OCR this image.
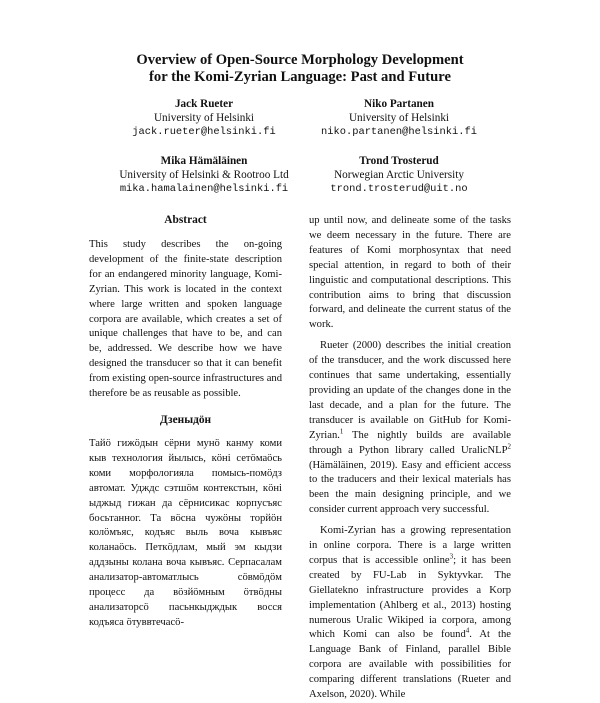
Overview of Open-Source Morphology Development
for the Komi-Zyrian Language: Past and Future
Jack Rueter
University of Helsinki
jack.rueter@helsinki.fi
Niko Partanen
University of Helsinki
niko.partanen@helsinki.fi
Mika Hämäläinen
University of Helsinki & Rootroo Ltd
mika.hamalainen@helsinki.fi
Trond Trosterud
Norwegian Arctic University
trond.trosterud@uit.no
Abstract

This study describes the on-going development of the finite-state description for an endangered minority language, Komi-Zyrian. This work is located in the context where large written and spoken language corpora are available, which creates a set of unique challenges that have to be, and can be, addressed. We describe how we have designed the transducer so that it can benefit from existing open-source infrastructures and therefore be as reusable as possible.

Дзеныдӧн

Тайӧ гижӧдын сёрни мунӧ канму коми кыв технология йылысь, кӧні сетӧмаӧсь коми морфологияла помысь-помӧдз автомат. Удждс сэтшӧм контекстын, кӧні ыджыд гижан да сёрнисикас корпусъяс босьтанног. Та вӧсна чужӧны торйӧн колӧмъяс, кодъяс выль воча кывъяс коланаӧсь. Петкӧдлам, мый эм кыдзи аддзыны колана воча кывъяс. Серпасалам анализатор-автоматлысь сӧвмӧдӧм процесс да вӧзйӧмным ӧтвӧдны анализаторсӧ пасьнкыдждык восся кодъяса ӧтуввтечасӧ-

up until now, and delineate some of the tasks we deem necessary in the future. There are features of Komi morphosyntax that need special attention, in regard to both of their linguistic and computational descriptions. This contribution aims to bring that discussion forward, and delineate the current status of the work.

Rueter (2000) describes the initial creation of the transducer, and the work discussed here continues that same undertaking, essentially providing an update of the changes done in the last decade, and a plan for the future. The transducer is available on GitHub for Komi-Zyrian.$^1$ The nightly builds are available through a Python library called UralicNLP$^2$ (Hämäläinen, 2019). Easy and efficient access to the traducers and their lexical materials has been the main designing principle, and we consider current approach very successful.

Komi-Zyrian has a growing representation in online corpora. There is a large written corpus that is accessible online$^3$; it has been created by FU-Lab in Syktyvkar. The Giellatekno infrastructure provides a Korp implementation (Ahlberg et al., 2013) hosting numerous Uralic Wikiped ia corpora, among which Komi can also be found$^4$. At the Language Bank of Finland, parallel Bible corpora are available with possibilities for comparing different translations (Rueter and Axelson, 2020). While
